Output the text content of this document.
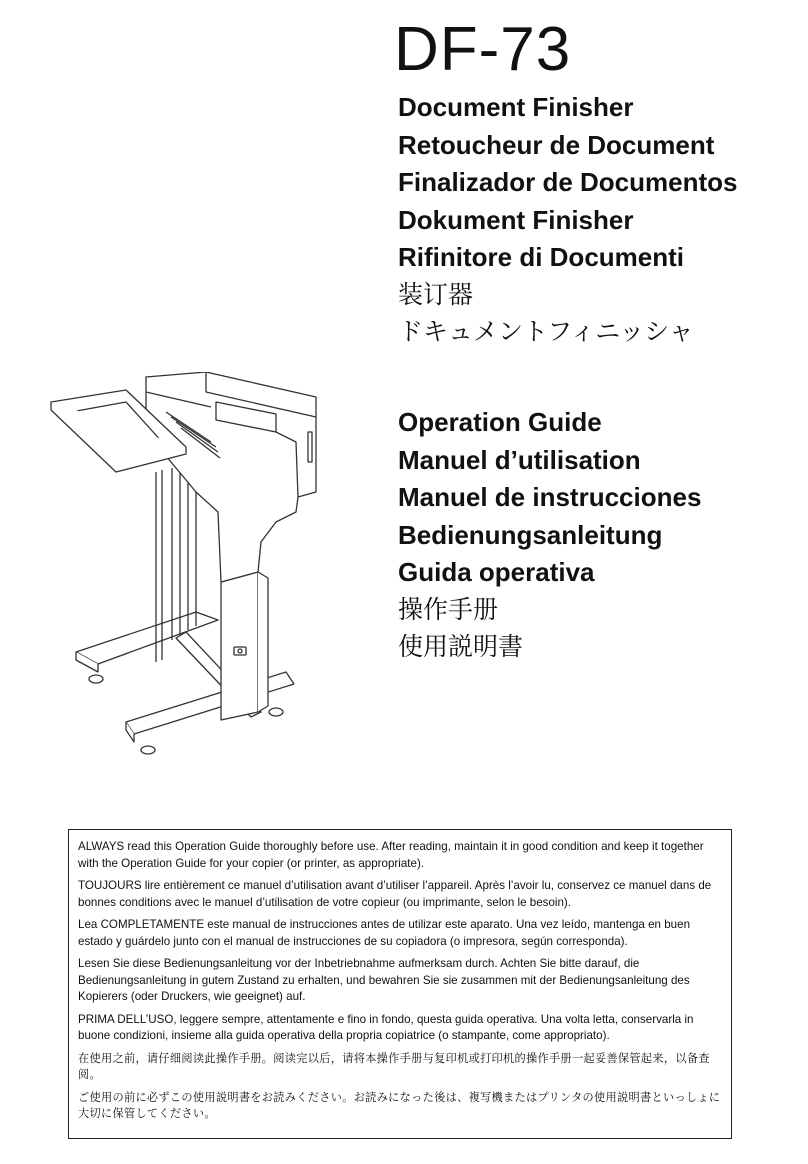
DF-73
Document Finisher
Retoucheur de Document
Finalizador de Documentos
Dokument Finisher
Rifinitore di Documenti
装订器
ドキュメントフィニッシャ
Operation Guide
Manuel d’utilisation
Manuel de instrucciones
Bedienungsanleitung
Guida operativa
操作手册
使用説明書

ALWAYS read this Operation Guide thoroughly before use. After reading, maintain it in good condition and keep it together with the Operation Guide for your copier (or printer, as appropriate).

TOUJOURS lire entièrement ce manuel d’utilisation avant d’utiliser l’appareil. Après l’avoir lu, conservez ce manuel dans de bonnes conditions avec le manuel d’utilisation de votre copieur (ou imprimante, selon le besoin).

Lea COMPLETAMENTE este manual de instrucciones antes de utilizar este aparato. Una vez leído, mantenga en buen estado y guárdelo junto con el manual de instrucciones de su copiadora (o impresora, según corresponda).

Lesen Sie diese Bedienungsanleitung vor der Inbetriebnahme aufmerksam durch. Achten Sie bitte darauf, die Bedienungsanleitung in gutem Zustand zu erhalten, und bewahren Sie sie zusammen mit der Bedienungsanleitung des Kopierers (oder Druckers, wie geeignet) auf.

PRIMA DELL’USO, leggere sempre, attentamente e fino in fondo, questa guida operativa. Una volta letta, conservarla in buone condizioni, insieme alla guida operativa della propria copiatrice (o stampante, come appropriato).

在使用之前，请仔细阅读此操作手册。阅读完以后，请将本操作手册与复印机或打印机的操作手册一起妥善保管起来，以备查阅。

ご使用の前に必ずこの使用説明書をお読みください。お読みになった後は、複写機またはプリンタの使用説明書といっしょに大切に保管してください。
